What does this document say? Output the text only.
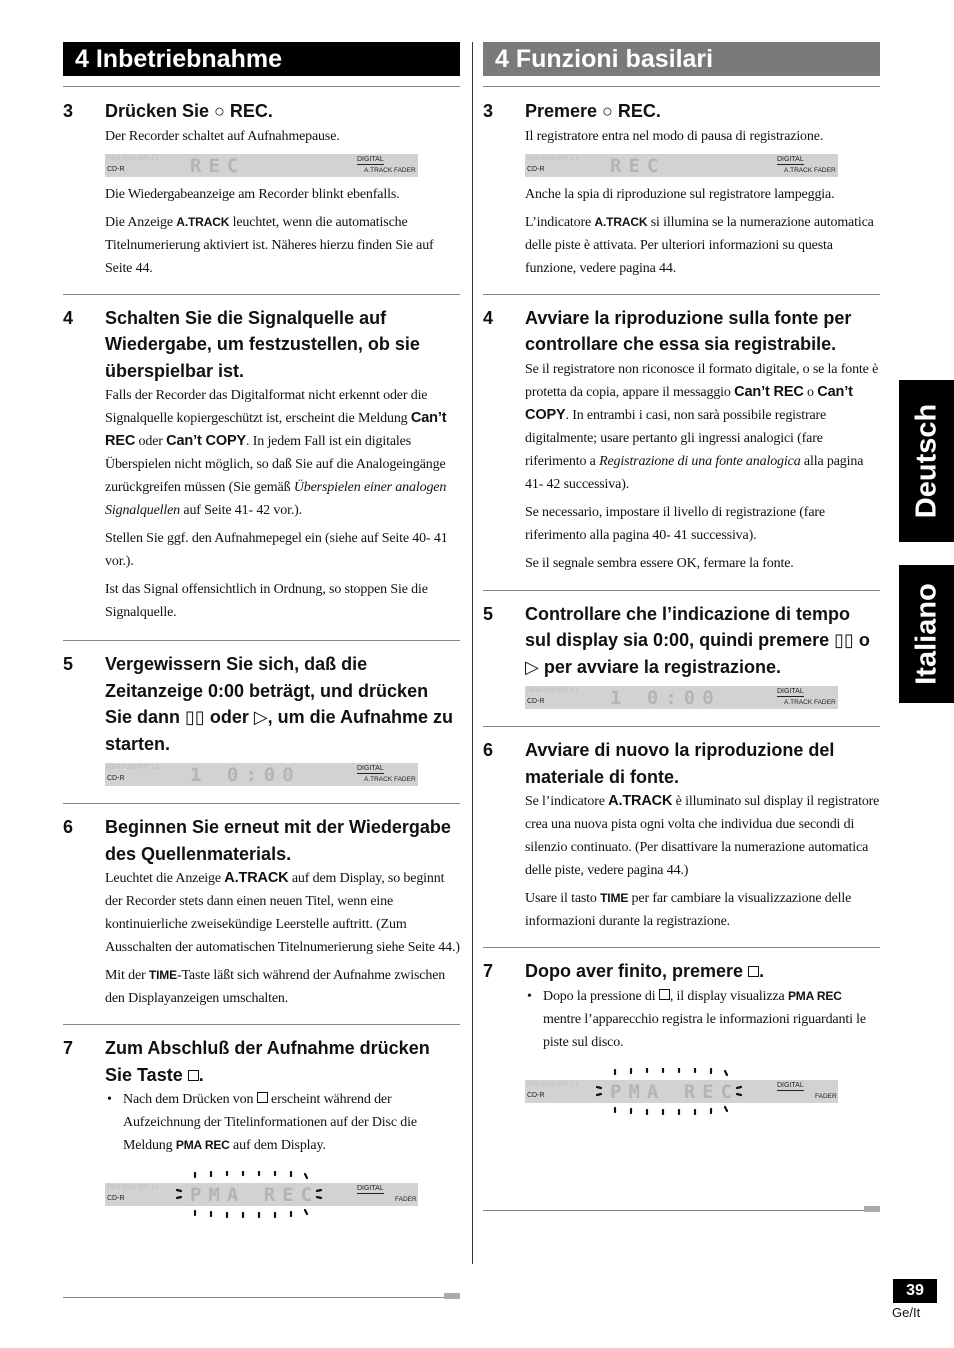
4 Inbetriebnahme
3 Drücken Sie ○ REC.

Der Recorder schaltet auf Aufnahmepause.

REM PGM RPT 1 L
CD-R	REC	DIGITAL
A.TRACK FADER

Die Wiedergabeanzeige am Recorder blinkt ebenfalls.

Die Anzeige A.TRACK leuchtet, wenn die automatische Titelnumerierung aktiviert ist. Näheres hierzu finden Sie auf Seite 44.

4 Schalten Sie die Signalquelle auf Wiedergabe, um festzustellen, ob sie überspielbar ist.

Falls der Recorder das Digitalformat nicht erkennt oder die Signalquelle kopiergeschützt ist, erscheint die Meldung Can’t REC oder Can’t COPY. In jedem Fall ist ein digitales Überspielen nicht möglich, so daß Sie auf die Analogeingänge zurückgreifen müssen (Sie gemäß Überspielen einer analogen Signalquellen auf Seite 41- 42 vor.).

Stellen Sie ggf. den Aufnahmepegel ein (siehe auf Seite 40- 41 vor.).

Ist das Signal offensichtlich in Ordnung, so stoppen Sie die Signalquelle.

5 Vergewissern Sie sich, daß die Zeitanzeige 0:00 beträgt, und drücken Sie dann ▯▯ oder ▷, um die Aufnahme zu starten.

REM PGM RPT 1 L
CD-R	1 0:00	DIGITAL
A.TRACK FADER
6 Beginnen Sie erneut mit der Wiedergabe des Quellenmaterials.

Leuchtet die Anzeige A.TRACK auf dem Display, so beginnt der Recorder stets dann einen neuen Titel, wenn eine kontinuierliche zweisekündige Leerstelle auftritt. (Zum Ausschalten der automatischen Titelnumerierung siehe Seite 44.)

Mit der TIME-Taste läßt sich während der Aufnahme zwischen den Displayanzeigen umschalten.

7 Zum Abschluß der Aufnahme drücken Sie Taste .

• Nach dem Drücken von  erscheint während der Aufzeichnung der Titelinformationen auf der Disc die Meldung PMA REC auf dem Display.

REM PGM RPT 1 L
CD-R	PMA REC	DIGITAL
FADER
4 Funzioni basilari
3 Premere ○ REC.

Il registratore entra nel modo di pausa di registrazione.

REM PGM RPT 1 L
CD-R	REC	DIGITAL
A.TRACK FADER

Anche la spia di riproduzione sul registratore lampeggia.

L’indicatore A.TRACK si illumina se la numerazione automatica delle piste è attivata. Per ulteriori informazioni su questa funzione, vedere pagina 44.

4 Avviare la riproduzione sulla fonte per controllare che essa sia registrabile.

Se il registratore non riconosce il formato digitale, o se la fonte è protetta da copia, appare il messaggio Can’t REC o Can’t COPY. In entrambi i casi, non sarà possibile registrare digitalmente; usare pertanto gli ingressi analogici (fare riferimento a Registrazione di una fonte analogica alla pagina 41- 42 successiva).

Se necessario, impostare il livello di registrazione (fare riferimento alla pagina 40- 41 successiva).

Se il segnale sembra essere OK, fermare la fonte.

5 Controllare che l’indicazione di tempo sul display sia 0:00, quindi premere ▯▯ o ▷ per avviare la registrazione.

REM PGM RPT 1 L
CD-R	1 0:00	DIGITAL
A.TRACK FADER
6 Avviare di nuovo la riproduzione del materiale di fonte.

Se l’indicatore A.TRACK è illuminato sul display il registratore crea una nuova pista ogni volta che individua due secondi di silenzio continuato. (Per disattivare la numerazione automatica delle piste, vedere pagina 44.)

Usare il tasto TIME per far cambiare la visualizzazione delle informazioni durante la registrazione.

7 Dopo aver finito, premere .

• Dopo la pressione di , il display visualizza PMA REC mentre l’apparecchio registra le informazioni riguardanti le piste sul disco.

REM PGM RPT 1 L
CD-R	PMA REC	DIGITAL
FADER
Deutsch
Italiano
39
Ge/It
